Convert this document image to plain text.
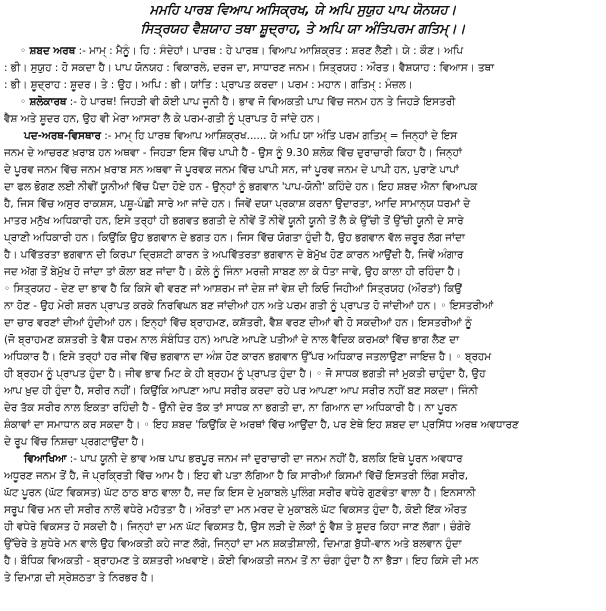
ਮਮਹਿ ਪਾਰਬ ਵਿਆਪ ਅਸਿਕ੍ਰਖ, ਯੇ ਅਪਿ ਸੁਯੁਹ ਪਾਪ ਯੋਨਯਹ।
ਸਿਤ੍ਰਯਹ ਵੈਸ਼ਯਾਹ ਤਥਾ ਸ਼ੂਦ੍ਰਾਹ, ਤੇ ਅਪਿ ਯਾ ਅੰਤਿਪਰਮ ਗਤਿਮ੍।।
◦ ਸ਼ਬਦ ਅਰਥ :- ਮਾਮ੍ : ਮੈਨੂੰ। ਹਿ : ਸੰਦੇਹਾਂ। ਪਾਰਥ : ਹੇ ਪਾਰਥ। ਵਿਆਪ ਆਸ਼ਿਕ੍ਰਤ : ਸ਼ਰਣ ਲੈਣੀ। ਯੇ : ਕੌਣ। ਅਪਿ
: ਭੀ। ਸੁਯੁਹ : ਹੋ ਸਕਦਾ ਹੈ। ਪਾਪ ਯੋਨਯਹ : ਵਿਕਾਰਲੇ, ਦਰਜ ਦਾ, ਸਾਧਾਰਣ ਜਨਮ। ਸਿਤ੍ਰਯਹ : ਔਰਤ। ਵੈਸ਼ਯਾਹ : ਵਿਆਸ। ਤਥਾ
: ਭੀ। ਸ਼ੂਦ੍ਰਾਹ : ਸ਼ੂਦਰ। ਤੇ : ਉਹ। ਅਪਿ : ਭੀ। ਯਾਂਤਿ : ਪ੍ਰਾਪਤ ਕਰਦਾ। ਪਰਮ : ਮਹਾਨ। ਗਤਿਮ੍ : ਮੰਜ਼ਲ।
◦ ਸ਼ਲੋਕਾਰਥ :- ਹੇ ਪਾਰਥ! ਜਿਹੜੀ ਵੀ ਕੋਈ ਪਾਪ ਜੂਨੀ ਹੈ। ਭਾਵ ਜੋ ਵਿਅਕਤੀ ਪਾਪ ਵਿੱਚ ਜਨਮ ਹਨ ਤੇ ਜਿਹੜੇ ਇਸਤਰੀ
ਵੈਸ਼ ਅਤੇ ਸ਼ੂਦਰ ਹਨ, ਉਹ ਵੀ ਮੇਰਾ ਆਸਰਾ ਲੈ ਕੇ ਪਰਮ-ਗਤੀ ਨੂੰ ਪ੍ਰਾਪਤ ਹੋ ਜਾਂਦੇ ਹਨ।
ਪਦ-ਅਰਥ-ਵਿਸਥਾਰ :- ਮਾਮ੍ ਹਿ ਪਾਰਥ ਵਿਆਪ ਆਸ਼ਿਕ੍ਰਖ...... ਯੇ ਅਪਿ ਯਾ ਅੰਤਿ ਪਰਮ ਗਤਿਮ੍ = ਜਿਨ੍ਹਾਂ ਦੇ ਇਸ
ਜਨਮ ਦੇ ਆਚਰਣ ਖ਼ਰਾਬ ਹਨ ਅਥਵਾ - ਜਿਹੜਾ ਇਸ ਵਿੱਚ ਪਾਪੀ ਹੈ - ਉਸ ਨੂੰ 9.30 ਸ਼ਲੋਕ ਵਿੱਚ ਦੁਰਾਚਾਰੀ ਕਿਹਾ ਹੈ। ਜਿਨ੍ਹਾਂ
ਦੇ ਪੂਰਵ ਜਨਮ ਵਿੱਚ ਜਨਮ ਖ਼ਰਾਬ ਸਨ ਅਥਵਾ ਜੋ ਪੂਰਵਕ ਜਨਮ ਵਿੱਚ ਪਾਪੀ ਸਨ, ਜਾਂ ਪੂਰਵ ਜਨਮ ਦੇ ਪਾਪੀ ਹਨ, ਪੁਰਾਣੇ ਪਾਪਾਂ
ਦਾ ਫਲ ਭੋਗਣ ਲਈ ਨੀਵੀਂ ਯੂਨੀਆਂ ਵਿੱਚ ਪੈਦਾ ਹੋਏ ਹਨ - ਉਨ੍ਹਾਂ ਨੂੰ ਭਗਵਾਨ 'ਪਾਪ-ਯੋਨੀ' ਕਹਿੰਦੇ ਹਨ। ਇਹ ਸ਼ਬਦ ਐਨਾ ਵਿਆਪਕ
ਹੈ, ਜਿਸ ਵਿੱਚ ਅਸੁਰ ਰਾਕਸ਼ਸ, ਪਸ਼ੂ-ਪੰਛੀ ਸਾਰੇ ਆ ਜਾਂਦੇ ਹਨ। ਜਿਵੇਂ ਦਯਾ ਪ੍ਰਕਾਸ਼ ਕਰਨਾ ਉਦਾਰਤਾ, ਆਦਿ ਸਾਮਾਨ੍ਯ ਧਰਮਾਂ ਦੇ
ਮਾਤਰ ਮਨੁੱਖ ਅਧਿਕਾਰੀ ਹਨ, ਇਸੇ ਤਰ੍ਹਾਂ ਹੀ ਭਗਵਤ ਭਗਤੀ ਦੇ ਨੀਵੇਂ ਤੋਂ ਨੀਵੇਂ ਯੂਨੀ ਯੂਨੀ ਤੋਂ ਲੈ ਕੇ ਉੱਚੀ ਤੋਂ ਉੱਚੀ ਯੂਨੀ ਦੇ ਸਾਰੇ
ਪ੍ਰਾਣੀ ਅਧਿਕਾਰੀ ਹਨ। ਕਿਉਂਕਿ ਉਹ ਭਗਵਾਨ ਦੇ ਭਗਤ ਹਨ। ਜਿਸ ਵਿੱਚ ਯੋਗਤਾ ਹੁੰਦੀ ਹੈ, ਉਹ ਭਗਵਾਨ ਵੱਲ ਜ਼ਰੂਰ ਲੱਗ ਜਾਂਦਾ
ਹੈ। ਪਵਿੱਤਰਤਾ ਭਗਵਾਨ ਦੀ ਕਿਰਪਾ ਦ੍ਰਿਸ਼ਟੀ ਕਾਰਨ ਤੇ ਅਪਵਿੱਤਰਤਾ ਭਗਵਾਨ ਦੇ ਬੇਮੁੱਖ ਹੋਣ ਕਾਰਨ ਆਉਂਦੀ ਹੈ, ਜਿਵੇਂ ਅੰਗਾਰ
ਜਦ ਅੱਗ ਤੋਂ ਬੇਮੁੱਖ ਹੋ ਜਾਂਦਾ ਤਾਂ ਕੋਲਾ ਬਣ ਜਾਂਦਾ ਹੈ। ਕੋਲੇ ਨੂੰ ਜਿੰਨਾ ਮਰਜ਼ੀ ਸਾਬਣ ਲਾ ਕੇ ਧੋਤਾ ਜਾਵੇ, ਉਹ ਕਾਲਾ ਹੀ ਰਹਿੰਦਾ ਹੈ।
◦ ਸਿਤ੍ਰਯਹ - ਦੇਣ ਦਾ ਭਾਵ ਹੈ ਕਿ ਕਿਸੇ ਵੀ ਵਰਣ ਜਾਂ ਆਸ਼ਰਮ ਜਾਂ ਦੇਸ਼ ਜਾਂ ਵੇਸ਼ ਦੀ ਕਿਓ ਜਿਹੀਆਂ ਸਿਤ੍ਰਯਹ (ਔਰਤਾਂ) ਕਿਉਂ
ਨਾ ਹੋਣ - ਉਹ ਮੇਰੀ ਸ਼ਰਨ ਪ੍ਰਾਪਤ ਕਰਕੇ ਨਿਰਵਿਘਨ ਬਣ ਜਾਂਦੀਆਂ ਹਨ ਅਤੇ ਪਰਮ ਗਤੀ ਨੂੰ ਪ੍ਰਾਪਤ ਹੋ ਜਾਂਦੀਆਂ ਹਨ। ◦ ਇਸਤਰੀਆਂ
ਦਾ ਚਾਰ ਵਰਣਾਂ ਦੀਆਂ ਹੁੰਦੀਆਂ ਹਨ। ਇਨ੍ਹਾਂ ਵਿੱਚ ਬ੍ਰਾਹਮਣ, ਕਸ਼ੱਤਰੀ, ਵੈਸ਼ ਵਰਣ ਦੀਆਂ ਵੀ ਹੋ ਸਕਦੀਆਂ ਹਨ। ਇਸਤਰੀਆਂ ਨੂੰ
(ਜੋ ਬ੍ਰਾਹਮਣ ਕਸ਼ਤਰੀ ਤੇ ਵੈਸ਼ ਧਰਮ ਨਾਲ ਸੰਬੰਧਿਤ ਹਨ) ਆਪਣੇ ਆਪਣੇ ਪਤੀਆਂ ਦੇ ਨਾਲ ਵੈਦਿਕ ਕਰਮਕਾਂ ਵਿੱਚ ਭਾਗ ਲੈਣ ਦਾ
ਅਧਿਕਾਰ ਹੈ। ਇਸੇ ਤਰ੍ਹਾਂ ਹਰ ਜੀਵ ਵਿੱਚ ਭਗਵਾਨ ਦਾ ਅੰਸ਼ ਹੋਣ ਕਾਰਨ ਭਗਵਾਨ ਉੱਪਰ ਅਧਿਕਾਰ ਜਤਲਾਉਣਾ ਜਾਇਜ਼ ਹੈ। ◦ ਬ੍ਰਹਮ
ਹੀ ਬ੍ਰਹਮ ਨੂੰ ਪ੍ਰਾਪਤ ਹੁੰਦਾ ਹੈ। ਜੀਵ ਭਾਵ ਮਿਟ ਕੇ ਹੀ ਬ੍ਰਹਮ ਨੂੰ ਪ੍ਰਾਪਤ ਹੁੰਦਾ ਹੈ। ◦ ਜੋ ਸਾਧਕ ਭਗਤੀ ਜਾਂ ਮੁਕਤੀ ਚਾਹੁੰਦਾ ਹੈ, ਉਹ
ਆਪ ਖ਼ੁਦ ਹੀ ਹੁੰਦਾ ਹੈ, ਸਰੀਰ ਨਹੀਂ। ਕਿਉਂਕਿ ਆਪਣਾ ਆਪ ਸਰੀਰ ਕਰਦਾ ਰਹੇ ਪਰ ਆਪਣਾ ਆਪ ਸਰੀਰ ਨਹੀਂ ਬਣ ਸਕਦਾ। ਜਿੰਨੀ
ਦੇਰ ਤੱਕ ਸਰੀਰ ਨਾਲ ਇਕਤਾ ਰਹਿੰਦੀ ਹੈ - ਉੰਨੀ ਦੇਰ ਤੱਕ ਤਾਂ ਸਾਧਕ ਨਾ ਭਗਤੀ ਦਾ, ਨਾ ਗਿਆਨ ਦਾ ਅਧਿਕਾਰੀ ਹੈ। ਨਾ ਪੂਰਨ
ਸ਼ੰਕਾਵਾਂ ਦਾ ਸਮਾਧਾਨ ਕਰ ਸਕਦਾ ਹੈ। ◦ ਇਹ ਸ਼ਬਦ 'ਕਿਉਂਕਿ ਦੇ ਅਰਥਾਂ ਵਿੱਚ ਆਉਂਦਾ ਹੈ, ਪਰ ਏਥੇ ਇਹ ਸ਼ਬਦ ਦਾ ਪ੍ਰਸਿੱਧ ਅਰਥ ਅਵਧਾਰਣ
ਦੇ ਰੂਪ ਵਿੱਚ ਨਿਸ਼ਚਾ ਪ੍ਰਗਟਾਉਂਦਾ ਹੈ।
ਵਿਆਖਿਆ :- ਪਾਪ ਯੂਨੀ ਦੇ ਭਾਵ ਅਥ ਪਾਪ ਭਰਪੂਰ ਜਨਮ ਜਾਂ ਦੁਰਾਚਾਰੀ ਦਾ ਜਨਮ ਨਹੀਂ ਹੈ, ਬਲਕਿ ਇਥੇ ਪੂਰਨ ਅਵਧਾਰ
ਅਧੂਰਣ ਜਨਮ ਤੋਂ ਹੈ, ਜੋ ਪ੍ਰਕ੍ਰਿਤੀ ਵਿੱਚ ਆਮ ਹੈ। ਇਹ ਵੀ ਪਤਾ ਲੱਗਿਆ ਹੈ ਕਿ ਸਾਰੀਆਂ ਕਿਸਮਾਂ ਵਿੱਚੋਂ ਇਸਤਰੀ ਲਿੰਗ ਸਰੀਰ,
ਘੱਟ ਪੂਰਨ (ਘੱਟ ਵਿਕਸਤ) ਘੱਟ ਠਾਠ ਬਾਠ ਵਾਲਾ ਹੈ, ਜਦ ਕਿ ਇਸ ਦੇ ਮੁਕਾਬਲੇ ਪੁਲਿੰਗ ਸਰੀਰ ਵਧੇਰੇ ਗੁਣਵੰਤਾ ਵਾਲਾ ਹੈ। ਇਨਸਾਨੀ
ਸਰੂਪ ਵਿੱਚ ਮਨ ਦੀ ਸਰੀਰ ਨਾਲੋਂ ਵਧੇਰੇ ਮਹੱਤਤਾ ਹੈ। ਔਰਤਾਂ ਦਾ ਮਨ ਮਰਦ ਦੇ ਮੁਕਾਬਲੇ ਘੱਟ ਵਿਕਸਤ ਹੁੰਦਾ ਹੈ, ਕੋਈ ਇੱਕ ਔਰਤ
ਹੀ ਵਧੇਰੇ ਵਿਕਸਤ ਹੋ ਸਕਦੀ ਹੈ। ਜਿਨ੍ਹਾਂ ਦਾ ਮਨ ਘੱਟ ਵਿਕਸਤ ਹੈ, ਉਸ ਲੜੀ ਦੇ ਲੋਕਾਂ ਨੂੰ ਵੈਸ਼ ਤੇ ਸ਼ੂਦਰ ਕਿਹਾ ਜਾਣ ਲੱਗਾ। ਚੰਗੇਰੇ
ਉੱਚੇਰੇ ਤੇ ਸ਼ੁਧੇਰੇ ਮਨ ਵਾਲੇ ਉਹ ਵਿਅਕਤੀ ਕਹੇ ਜਾਣ ਲੱਗੇ, ਜਿਨ੍ਹਾਂ ਦਾ ਮਨ ਸ਼ਕਤੀਸ਼ਾਲੀ, ਦਿਮਾਗ਼ ਬੁੱਧੀ-ਵਾਨ ਅਤੇ ਬਲਵਾਨ ਹੁੰਦਾ
ਹੈ। ਬੌਧਿਕ ਵਿਅਕਤੀ - ਬ੍ਰਾਹਮਣ ਤੇ ਕਸ਼ਤਰੀ ਅਖਵਾਏ। ਕੋਈ ਵਿਅਕਤੀ ਜਨਮ ਤੋਂ ਨਾ ਚੰਗਾ ਹੁੰਦਾ ਹੈ ਨਾ ਭੈੜਾ। ਇਹ ਕਿਸੇ ਦੀ ਮਨ
ਤੇ ਦਿਮਾਗ਼ ਦੀ ਸ੍ਰੇਸ਼ਠਤਾ ਤੇ ਨਿਰਭਰ ਹੈ।
